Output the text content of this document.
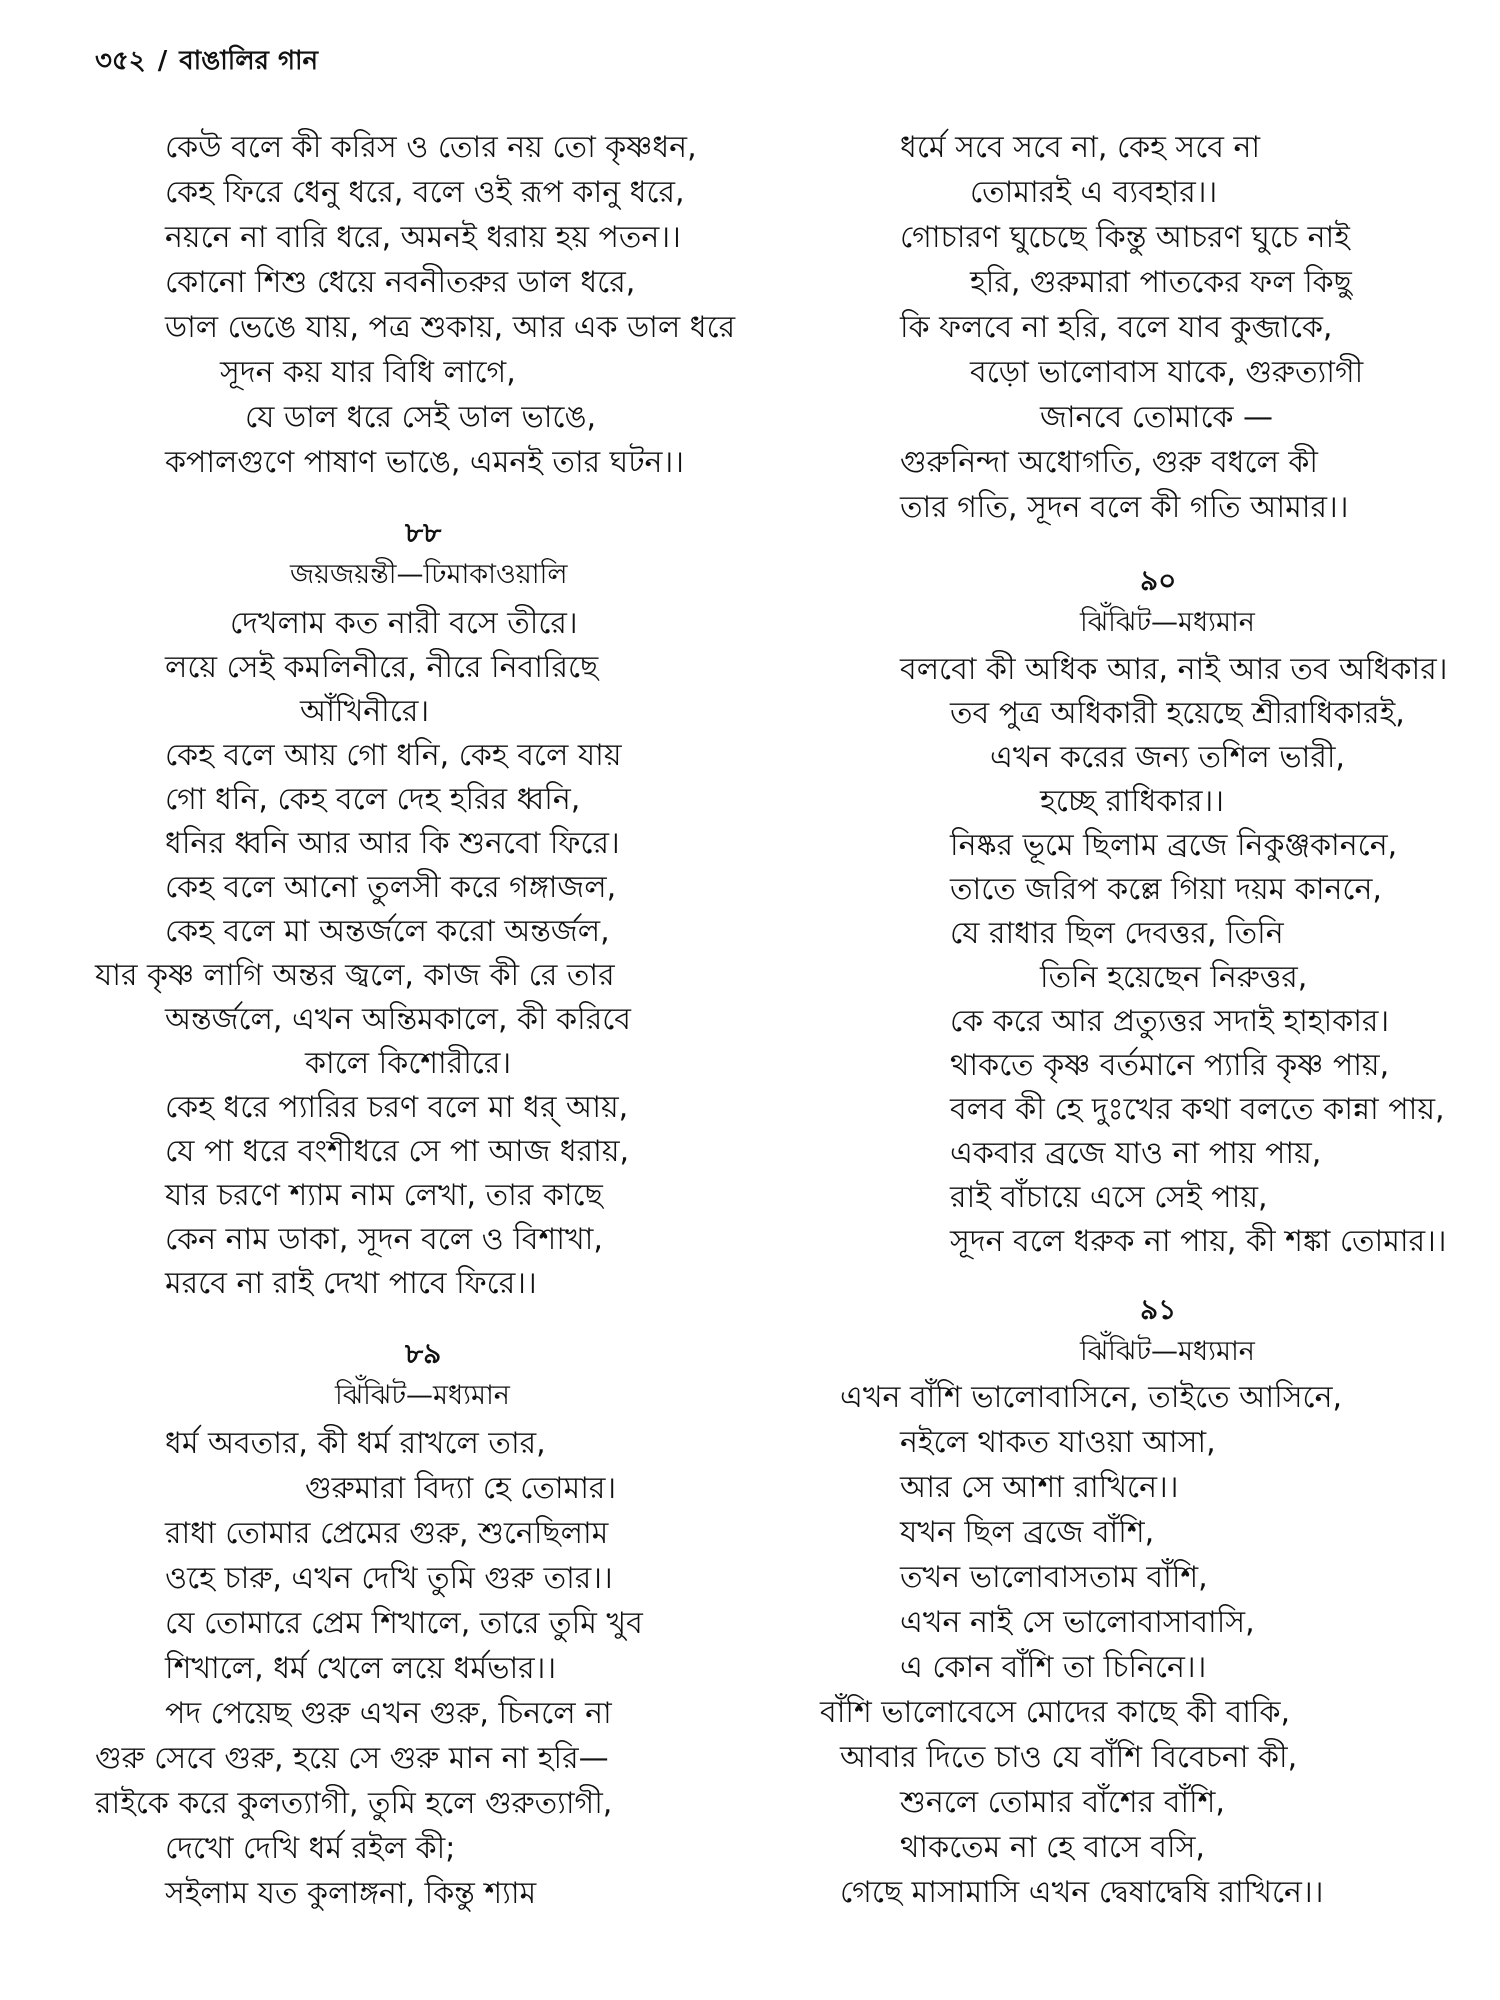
৩৫২ / বাঙালির গান
কেউ বলে কী করিস ও তোর নয় তো কৃষ্ণধন,
কেহ ফিরে ধেনু ধরে, বলে ওই রূপ কানু ধরে,
নয়নে না বারি ধরে, অমনই ধরায় হয় পতন।।
কোনো শিশু ধেয়ে নবনীতরুর ডাল ধরে,
ডাল ভেঙে যায়, পত্র শুকায়, আর এক ডাল ধরে
সূদন কয় যার বিধি লাগে,
যে ডাল ধরে সেই ডাল ভাঙে,
কপালগুণে পাষাণ ভাঙে, এমনই তার ঘটন।।
৮৮
জয়জয়ন্তী—ঢিমাকাওয়ালি
দেখলাম কত নারী বসে তীরে।
লয়ে সেই কমলিনীরে, নীরে নিবারিছে
আঁখিনীরে।
কেহ বলে আয় গো ধনি, কেহ বলে যায়
গো ধনি, কেহ বলে দেহ হরির ধ্বনি,
ধনির ধ্বনি আর আর কি শুনবো ফিরে।
কেহ বলে আনো তুলসী করে গঙ্গাজল,
কেহ বলে মা অন্তর্জলে করো অন্তর্জল,
যার কৃষ্ণ লাগি অন্তর জ্বলে, কাজ কী রে তার
অন্তর্জলে, এখন অন্তিমকালে, কী করিবে
কালে কিশোরীরে।
কেহ ধরে প্যারির চরণ বলে মা ধর্ আয়,
যে পা ধরে বংশীধরে সে পা আজ ধরায়,
যার চরণে শ্যাম নাম লেখা, তার কাছে
কেন নাম ডাকা, সূদন বলে ও বিশাখা,
মরবে না রাই দেখা পাবে ফিরে।।
৮৯
ঝিঁঝিট—মধ্যমান
ধর্ম অবতার, কী ধর্ম রাখলে তার,
গুরুমারা বিদ্যা হে তোমার।
রাধা তোমার প্রেমের গুরু, শুনেছিলাম
ওহে চারু, এখন দেখি তুমি গুরু তার।।
যে তোমারে প্রেম শিখালে, তারে তুমি খুব
শিখালে, ধর্ম খেলে লয়ে ধর্মভার।।
পদ পেয়েছ গুরু এখন গুরু, চিনলে না
গুরু সেবে গুরু, হয়ে সে গুরু মান না হরি—
রাইকে করে কুলত্যাগী, তুমি হলে গুরুত্যাগী,
দেখো দেখি ধর্ম রইল কী;
সইলাম যত কুলাঙ্গনা, কিন্তু শ্যাম
ধর্মে সবে সবে না, কেহ সবে না
তোমারই এ ব্যবহার।।
গোচারণ ঘুচেছে কিন্তু আচরণ ঘুচে নাই
হরি, গুরুমারা পাতকের ফল কিছু
কি ফলবে না হরি, বলে যাব কুব্জাকে,
বড়ো ভালোবাস যাকে, গুরুত্যাগী
জানবে তোমাকে —
গুরুনিন্দা অধোগতি, গুরু বধলে কী
তার গতি, সূদন বলে কী গতি আমার।।
৯০
ঝিঁঝিট—মধ্যমান
বলবো কী অধিক আর, নাই আর তব অধিকার।
তব পুত্র অধিকারী হয়েছে শ্রীরাধিকারই,
এখন করের জন্য তশিল ভারী,
হচ্ছে রাধিকার।।
নিষ্কর ভূমে ছিলাম ব্রজে নিকুঞ্জকাননে,
তাতে জরিপ কল্লে গিয়া দয়ম কাননে,
যে রাধার ছিল দেবত্তর, তিনি
তিনি হয়েছেন নিরুত্তর,
কে করে আর প্রত্যুত্তর সদাই হাহাকার।
থাকতে কৃষ্ণ বর্তমানে প্যারি কৃষ্ণ পায়,
বলব কী হে দুঃখের কথা বলতে কান্না পায়,
একবার ব্রজে যাও না পায় পায়,
রাই বাঁচায়ে এসে সেই পায়,
সূদন বলে ধরুক না পায়, কী শঙ্কা তোমার।।
৯১
ঝিঁঝিট—মধ্যমান
এখন বাঁশি ভালোবাসিনে, তাইতে আসিনে,
নইলে থাকত যাওয়া আসা,
আর সে আশা রাখিনে।।
যখন ছিল ব্রজে বাঁশি,
তখন ভালোবাসতাম বাঁশি,
এখন নাই সে ভালোবাসাবাসি,
এ কোন বাঁশি তা চিনিনে।।
বাঁশি ভালোবেসে মোদের কাছে কী বাকি,
আবার দিতে চাও যে বাঁশি বিবেচনা কী,
শুনলে তোমার বাঁশের বাঁশি,
থাকতেম না হে বাসে বসি,
গেছে মাসামাসি এখন দ্বেষাদ্বেষি রাখিনে।।
